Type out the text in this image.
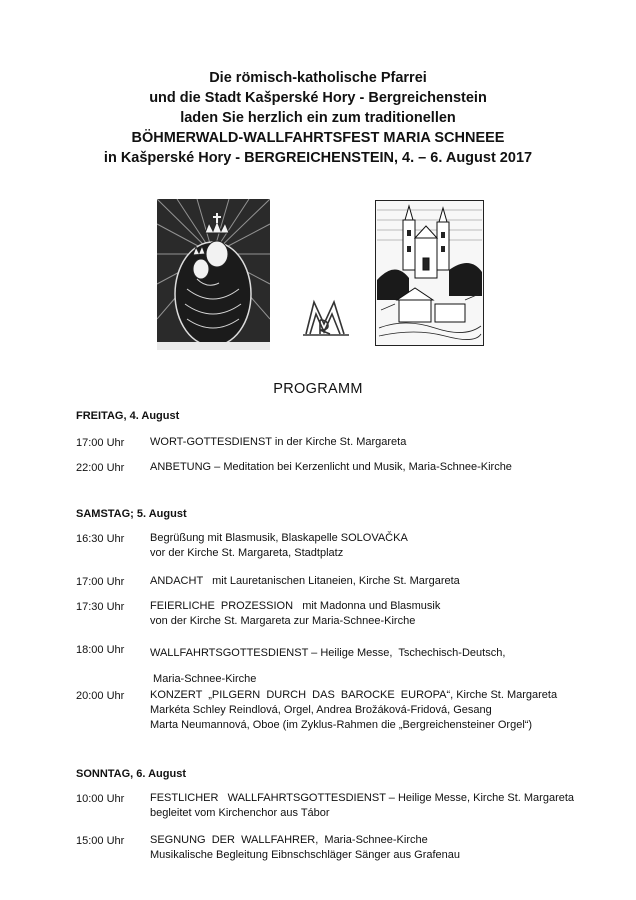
Die römisch-katholische Pfarrei
und die Stadt Kašperské Hory - Bergreichenstein
laden Sie herzlich ein zum traditionellen
BÖHMERWALD-WALLFAHRTSFEST MARIA SCHNEEE
in Kašperské Hory - BERGREICHENSTEIN, 4. – 6. August 2017
PROGRAMM
FREITAG, 4. August
17:00 Uhr WORT-GOTTESDIENST in der Kirche St. Margareta
22:00 Uhr ANBETUNG – Meditation bei Kerzenlicht und Musik, Maria-Schnee-Kirche
SAMSTAG; 5. August
16:30 Uhr Begrüßung mit Blasmusik, Blaskapelle SOLOVAČKA
vor der Kirche St. Margareta, Stadtplatz
17:00 Uhr ANDACHT   mit Lauretanischen Litaneien, Kirche St. Margareta
17:30 Uhr FEIERLICHE  PROZESSION   mit Madonna und Blasmusik
von der Kirche St. Margareta zur Maria-Schnee-Kirche
18:00 Uhr WALLFAHRTSGOTTESDIENST – Heilige Messe,  Tschechisch-Deutsch,
Maria-Schnee-Kirche
20:00 Uhr KONZERT  „PILGERN  DURCH  DAS  BAROCKE  EUROPA“, Kirche St. Margareta
Markéta Schley Reindlová, Orgel, Andrea Brožáková-Fridová, Gesang
Marta Neumannová, Oboe (im Zyklus-Rahmen die „Bergreichensteiner Orgel“)
SONNTAG, 6. August
10:00 Uhr FESTLICHER   WALLFAHRTSGOTTESDIENST – Heilige Messe, Kirche St. Margareta
begleitet vom Kirchenchor aus Tábor
15:00 Uhr SEGNUNG  DER  WALLFAHRER,  Maria-Schnee-Kirche
Musikalische Begleitung Eibnschschläger Sänger aus Grafenau
